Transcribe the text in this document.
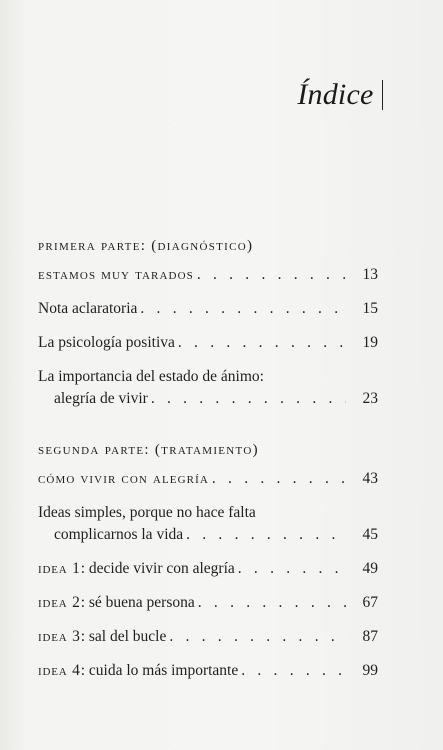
Índice
primera parte: (diagnóstico)
estamos muy tarados . . .	13
Nota aclaratoria . . .	15
La psicología positiva . . .	19
La importancia del estado de ánimo:
alegría de vivir . . .	23
segunda parte: (tratamiento)
cómo vivir con alegría . . .	43
Ideas simples, porque no hace falta
complicarnos la vida . . .	45
idea 1: decide vivir con alegría . . .	49
idea 2: sé buena persona . . .	67
idea 3: sal del bucle . . .	87
idea 4: cuida lo más importante . . .	99
